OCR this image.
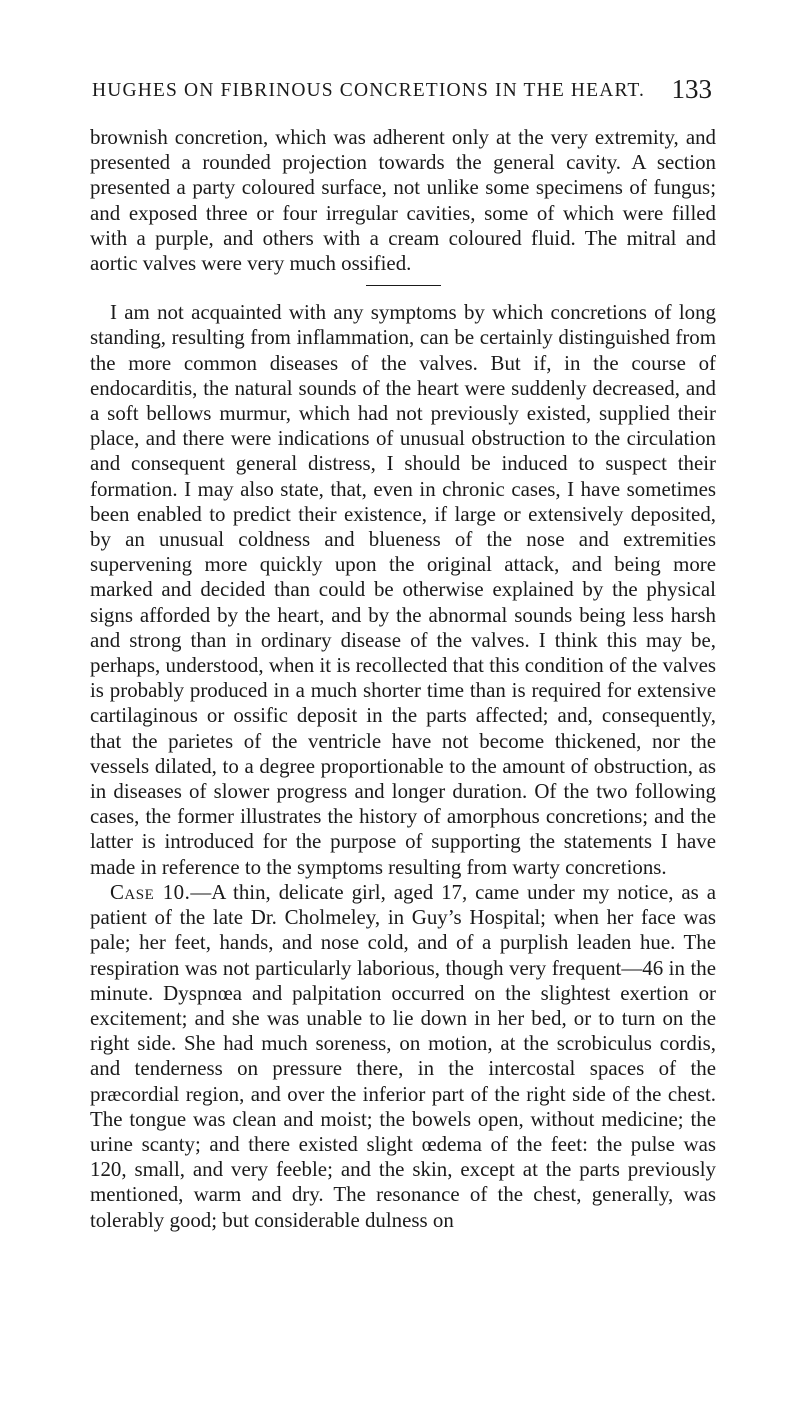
HUGHES ON FIBRINOUS CONCRETIONS IN THE HEART. 133

brownish concretion, which was adherent only at the very extremity, and presented a rounded projection towards the general cavity. A section presented a party coloured surface, not unlike some specimens of fungus; and exposed three or four irregular cavities, some of which were filled with a purple, and others with a cream coloured fluid. The mitral and aortic valves were very much ossified.

I am not acquainted with any symptoms by which concretions of long standing, resulting from inflammation, can be certainly distinguished from the more common diseases of the valves. But if, in the course of endocarditis, the natural sounds of the heart were suddenly decreased, and a soft bellows murmur, which had not previously existed, supplied their place, and there were indications of unusual obstruction to the circulation and consequent general distress, I should be induced to suspect their formation. I may also state, that, even in chronic cases, I have sometimes been enabled to predict their existence, if large or extensively deposited, by an unusual coldness and blueness of the nose and extremities supervening more quickly upon the original attack, and being more marked and decided than could be otherwise explained by the physical signs afforded by the heart, and by the abnormal sounds being less harsh and strong than in ordinary disease of the valves. I think this may be, perhaps, understood, when it is recollected that this condition of the valves is probably produced in a much shorter time than is required for extensive cartilaginous or ossific deposit in the parts affected; and, consequently, that the parietes of the ventricle have not become thickened, nor the vessels dilated, to a degree proportionable to the amount of obstruction, as in diseases of slower progress and longer duration. Of the two following cases, the former illustrates the history of amorphous concretions; and the latter is introduced for the purpose of supporting the statements I have made in reference to the symptoms resulting from warty concretions.

Case 10.—A thin, delicate girl, aged 17, came under my notice, as a patient of the late Dr. Cholmeley, in Guy’s Hospital; when her face was pale; her feet, hands, and nose cold, and of a purplish leaden hue. The respiration was not particularly laborious, though very frequent—46 in the minute. Dyspnœa and palpitation occurred on the slightest exertion or excitement; and she was unable to lie down in her bed, or to turn on the right side. She had much soreness, on motion, at the scrobiculus cordis, and tenderness on pressure there, in the intercostal spaces of the præcordial region, and over the inferior part of the right side of the chest. The tongue was clean and moist; the bowels open, without medicine; the urine scanty; and there existed slight œdema of the feet: the pulse was 120, small, and very feeble; and the skin, except at the parts previously mentioned, warm and dry. The resonance of the chest, generally, was tolerably good; but considerable dulness on
